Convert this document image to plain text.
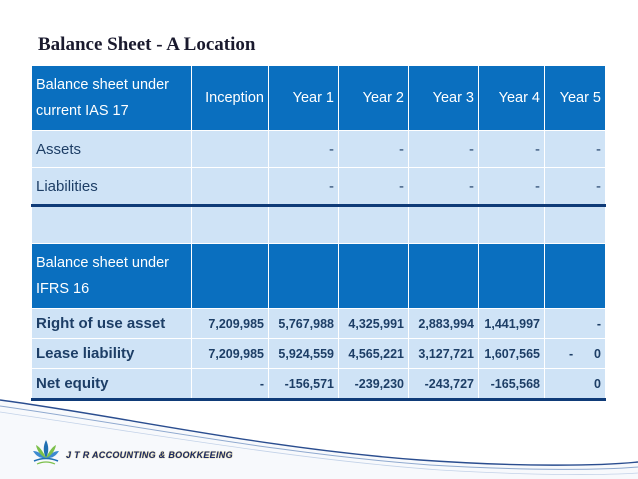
Balance Sheet - A Location
Balance sheet under current IAS 17	Inception	Year 1	Year 2	Year 3	Year 4	Year 5
Assets		-	-	-	-	-
Liabilities		-	-	-	-	-

Balance sheet under IFRS 16						
Right of use asset	7,209,985	5,767,988	4,325,991	2,883,994	1,441,997	-
Lease liability	7,209,985	5,924,559	4,565,221	3,127,721	1,607,565	-      0
Net equity	-	-156,571	-239,230	-243,727	-165,568	0
J T R ACCOUNTING & BOOKKEEING
